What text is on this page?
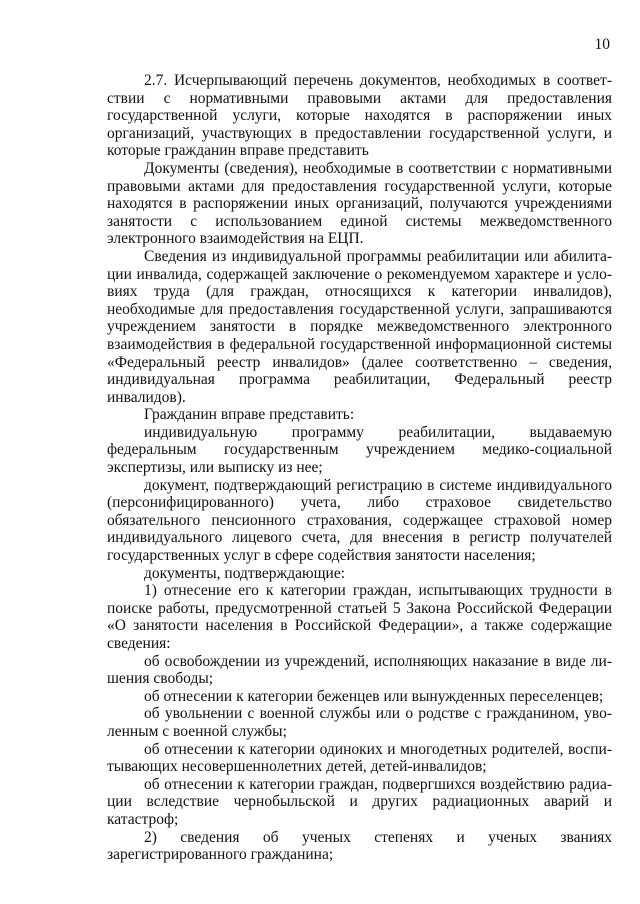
10

2.7. Исчерпывающий перечень документов, необходимых в соответствии с нормативными правовыми актами для предоставления государственной услуги, которые находятся в распоряжении иных организаций, участвующих в предоставлении государственной услуги, и которые гражданин вправе представить

Документы (сведения), необходимые в соответствии с нормативными правовыми актами для предоставления государственной услуги, которые находятся в распоряжении иных организаций, получаются учреждениями занятости с использованием единой системы межведомственного электронного взаимодействия на ЕЦП.

Сведения из индивидуальной программы реабилитации или абилитации инвалида, содержащей заключение о рекомендуемом характере и условиях труда (для граждан, относящихся к категории инвалидов), необходимые для предоставления государственной услуги, запрашиваются учреждением занятости в порядке межведомственного электронного взаимодействия в федеральной государственной информационной системы «Федеральный реестр инвалидов» (далее соответственно – сведения, индивидуальная программа реабилитации, Федеральный реестр инвалидов).

Гражданин вправе представить:

индивидуальную программу реабилитации, выдаваемую федеральным государственным учреждением медико-социальной экспертизы, или выписку из нее;

документ, подтверждающий регистрацию в системе индивидуального (персонифицированного) учета, либо страховое свидетельство обязательного пенсионного страхования, содержащее страховой номер индивидуального лицевого счета, для внесения в регистр получателей государственных услуг в сфере содействия занятости населения;

документы, подтверждающие:

1) отнесение его к категории граждан, испытывающих трудности в поиске работы, предусмотренной статьей 5 Закона Российской Федерации «О занятости населения в Российской Федерации», а также содержащие сведения:

об освобождении из учреждений, исполняющих наказание в виде лишения свободы;

об отнесении к категории беженцев или вынужденных переселенцев;

об увольнении с военной службы или о родстве с гражданином, уволенным с военной службы;

об отнесении к категории одиноких и многодетных родителей, воспитывающих несовершеннолетних детей, детей-инвалидов;

об отнесении к категории граждан, подвергшихся воздействию радиации вследствие чернобыльской и других радиационных аварий и катастроф;

2) сведения об ученых степенях и ученых званиях зарегистрированного гражданина;
